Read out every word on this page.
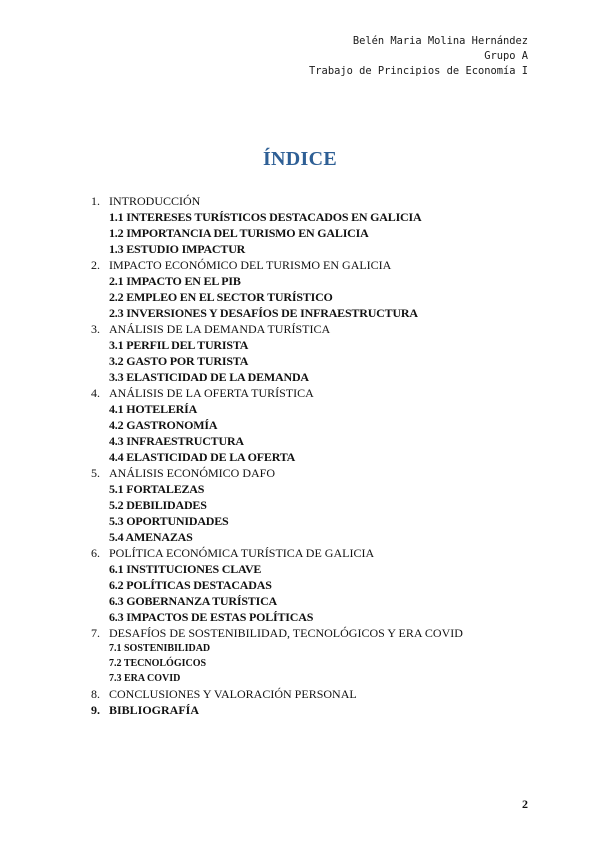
Belén Maria Molina Hernández
Grupo A
Trabajo de Principios de Economía I
ÍNDICE
1. INTRODUCCIÓN
1.1 INTERESES TURÍSTICOS DESTACADOS EN GALICIA
1.2 IMPORTANCIA DEL TURISMO EN GALICIA
1.3 ESTUDIO IMPACTUR
2. IMPACTO ECONÓMICO DEL TURISMO EN GALICIA
2.1 IMPACTO EN EL PIB
2.2 EMPLEO EN EL SECTOR TURÍSTICO
2.3 INVERSIONES Y DESAFÍOS DE INFRAESTRUCTURA
3. ANÁLISIS DE LA DEMANDA TURÍSTICA
3.1 PERFIL DEL TURISTA
3.2 GASTO POR TURISTA
3.3 ELASTICIDAD DE LA DEMANDA
4. ANÁLISIS DE LA OFERTA TURÍSTICA
4.1 HOTELERÍA
4.2 GASTRONOMÍA
4.3 INFRAESTRUCTURA
4.4 ELASTICIDAD DE LA OFERTA
5. ANÁLISIS ECONÓMICO DAFO
5.1 FORTALEZAS
5.2 DEBILIDADES
5.3 OPORTUNIDADES
5.4 AMENAZAS
6. POLÍTICA ECONÓMICA TURÍSTICA DE GALICIA
6.1 INSTITUCIONES CLAVE
6.2 POLÍTICAS DESTACADAS
6.3 GOBERNANZA TURÍSTICA
6.3 IMPACTOS DE ESTAS POLÍTICAS
7. DESAFÍOS DE SOSTENIBILIDAD, TECNOLÓGICOS Y ERA COVID
7.1 SOSTENIBILIDAD
7.2 TECNOLÓGICOS
7.3 ERA COVID
8. CONCLUSIONES Y VALORACIÓN PERSONAL
9. BIBLIOGRAFÍA
2
